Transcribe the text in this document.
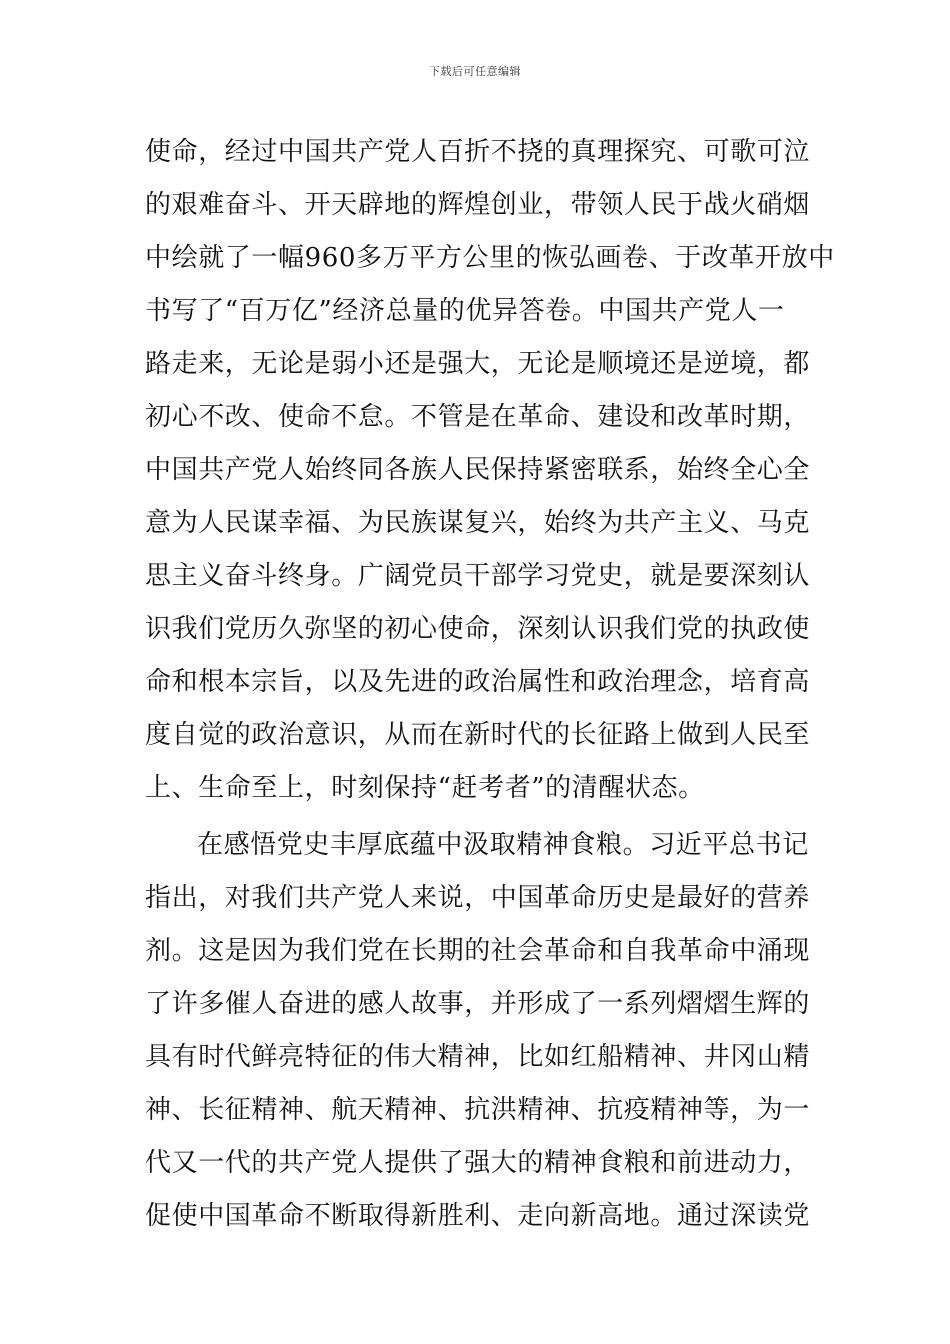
下载后可任意编辑
使命，经过中国共产党人百折不挠的真理探究、可歌可泣
的艰难奋斗、开天辟地的辉煌创业，带领人民于战火硝烟
中绘就了一幅960多万平方公里的恢弘画卷、于改革开放中
书写了“百万亿”经济总量的优异答卷。中国共产党人一
路走来，无论是弱小还是强大，无论是顺境还是逆境，都
初心不改、使命不怠。不管是在革命、建设和改革时期，
中国共产党人始终同各族人民保持紧密联系，始终全心全
意为人民谋幸福、为民族谋复兴，始终为共产主义、马克
思主义奋斗终身。广阔党员干部学习党史，就是要深刻认
识我们党历久弥坚的初心使命，深刻认识我们党的执政使
命和根本宗旨，以及先进的政治属性和政治理念，培育高
度自觉的政治意识，从而在新时代的长征路上做到人民至
上、生命至上，时刻保持“赶考者”的清醒状态。
在感悟党史丰厚底蕴中汲取精神食粮。习近平总书记
指出，对我们共产党人来说，中国革命历史是最好的营养
剂。这是因为我们党在长期的社会革命和自我革命中涌现
了许多催人奋进的感人故事，并形成了一系列熠熠生辉的
具有时代鲜亮特征的伟大精神，比如红船精神、井冈山精
神、长征精神、航天精神、抗洪精神、抗疫精神等，为一
代又一代的共产党人提供了强大的精神食粮和前进动力，
促使中国革命不断取得新胜利、走向新高地。通过深读党
